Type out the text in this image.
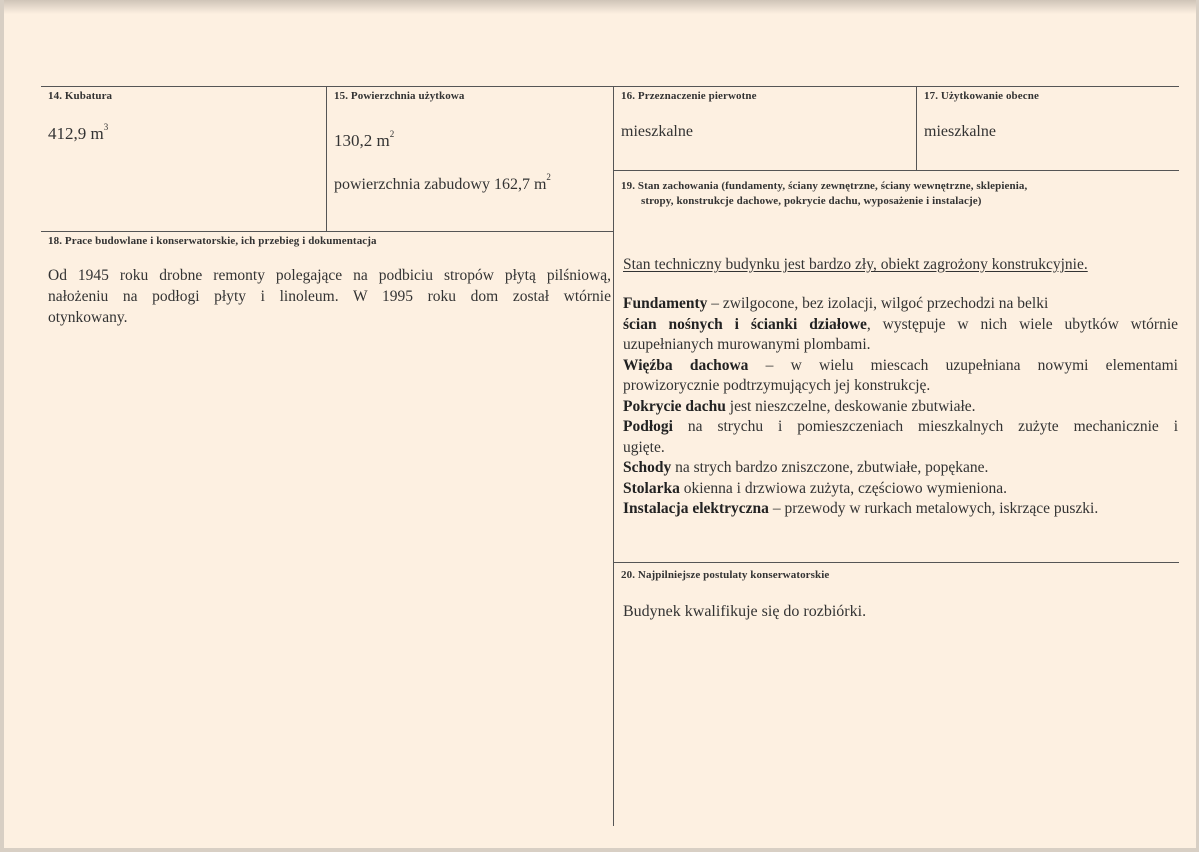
14. Kubatura
412,9 $m^3$
15. Powierzchnia użytkowa
130,2 $m^2$
powierzchnia zabudowy 162,7 $m^2$
16. Przeznaczenie pierwotne
mieszkalne
17. Użytkowanie obecne
mieszkalne
18. Prace budowlane i konserwatorskie, ich przebieg i dokumentacja
Od 1945 roku drobne remonty polegające na podbiciu stropów płytą pilśniową,
nałożeniu na podłogi płyty i linoleum. W 1995 roku dom został wtórnie
otynkowany.
19. Stan zachowania (fundamenty, ściany zewnętrzne, ściany wewnętrzne, sklepienia,
stropy, konstrukcje dachowe, pokrycie dachu, wyposażenie i instalacje)
Stan techniczny budynku jest bardzo zły, obiekt zagrożony konstrukcyjnie.
Fundamenty – zwilgocone, bez izolacji, wilgoć przechodzi na belki
ścian nośnych i ścianki działowe, występuje w nich wiele ubytków wtórnie
uzupełnianych murowanymi plombami.
Więźba dachowa – w wielu miescach uzupełniana nowymi elementami
prowizorycznie podtrzymujących jej konstrukcję.
Pokrycie dachu jest nieszczelne, deskowanie zbutwiałe.
Podłogi na strychu i pomieszczeniach mieszkalnych zużyte mechanicznie i
ugięte.
Schody na strych bardzo zniszczone, zbutwiałe, popękane.
Stolarka okienna i drzwiowa zużyta, częściowo wymieniona.
Instalacja elektryczna – przewody w rurkach metalowych, iskrzące puszki.
20. Najpilniejsze postulaty konserwatorskie
Budynek kwalifikuje się do rozbiórki.
